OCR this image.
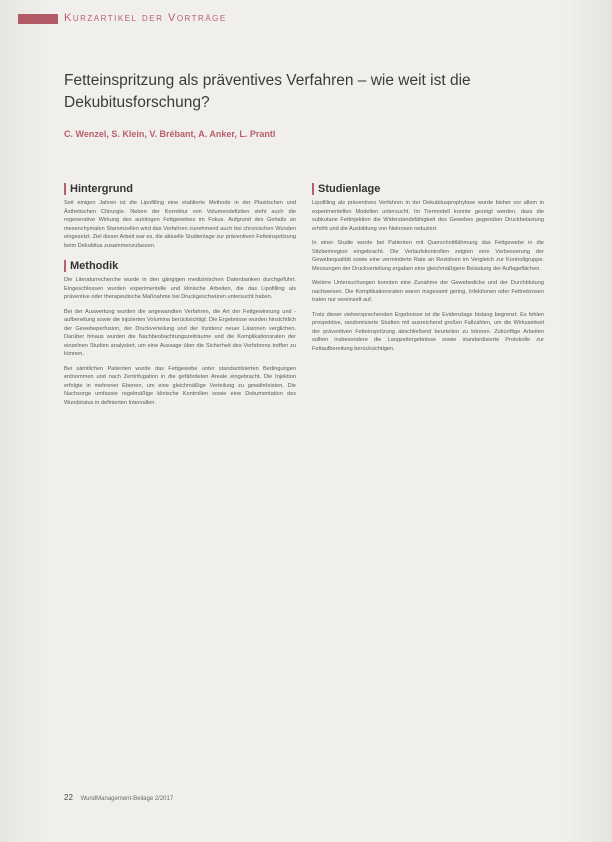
Kurzartikel der Vorträge
Fetteinspritzung als präventives Verfahren – wie weit ist die Dekubitusforschung?
C. Wenzel, S. Klein, V. Brébant, A. Anker, L. Prantl
Hintergrund

Seit einigen Jahren ist die Lipofilling eine etablierte Methode in der Plastischen und Ästhetischen Chirurgie. Neben der Korrektur von Volumendefiziten steht auch die regenerative Wirkung des autologen Fettgewebes im Fokus. Aufgrund des Gehalts an mesenchymalen Stammzellen wird das Verfahren zunehmend auch bei chronischen Wunden eingesetzt. Ziel dieser Arbeit war es, die aktuelle Studienlage zur präventiven Fetteinspritzung beim Dekubitus zusammenzufassen.

Methodik

Die Literaturrecherche wurde in den gängigen medizinischen Datenbanken durchgeführt. Eingeschlossen wurden experimentelle und klinische Arbeiten, die das Lipofilling als präventive oder therapeutische Maßnahme bei Druckgeschwüren untersucht haben.

Bei der Auswertung wurden die angewandten Verfahren, die Art der Fettgewinnung und -aufbereitung sowie die injizierten Volumina berücksichtigt. Die Ergebnisse wurden hinsichtlich der Gewebeperfusion, der Druckverteilung und der Inzidenz neuer Läsionen verglichen. Darüber hinaus wurden die Nachbeobachtungszeiträume und die Komplikationsraten der einzelnen Studien analysiert, um eine Aussage über die Sicherheit des Verfahrens treffen zu können.

Bei sämtlichen Patienten wurde das Fettgewebe unter standardisierten Bedingungen entnommen und nach Zentrifugation in die gefährdeten Areale eingebracht. Die Injektion erfolgte in mehreren Ebenen, um eine gleichmäßige Verteilung zu gewährleisten. Die Nachsorge umfasste regelmäßige klinische Kontrollen sowie eine Dokumentation des Wundstatus in definierten Intervallen.

Studienlage

Lipofilling als präventives Verfahren in der Dekubitusprophylaxe wurde bisher vor allem in experimentellen Modellen untersucht. Im Tiermodell konnte gezeigt werden, dass die subkutane Fettinjektion die Widerstandsfähigkeit des Gewebes gegenüber Druckbelastung erhöht und die Ausbildung von Nekrosen reduziert.

In einer Studie wurde bei Patienten mit Querschnittlähmung das Fettgewebe in die Sitzbeinregion eingebracht. Die Verlaufskontrollen zeigten eine Verbesserung der Gewebequalität sowie eine verminderte Rate an Rezidiven im Vergleich zur Kontrollgruppe. Messungen der Druckverteilung ergaben eine gleichmäßigere Belastung der Auflageflächen.

Weitere Untersuchungen konnten eine Zunahme der Gewebedicke und der Durchblutung nachweisen. Die Komplikationsraten waren insgesamt gering, Infektionen oder Fettnekrosen traten nur vereinzelt auf.

Trotz dieser vielversprechenden Ergebnisse ist die Evidenzlage bislang begrenzt. Es fehlen prospektive, randomisierte Studien mit ausreichend großen Fallzahlen, um die Wirksamkeit der präventiven Fetteinspritzung abschließend beurteilen zu können. Zukünftige Arbeiten sollten insbesondere die Langzeitergebnisse sowie standardisierte Protokolle zur Fettaufbereitung berücksichtigen.

22 WundManagement-Beilage 2/2017
